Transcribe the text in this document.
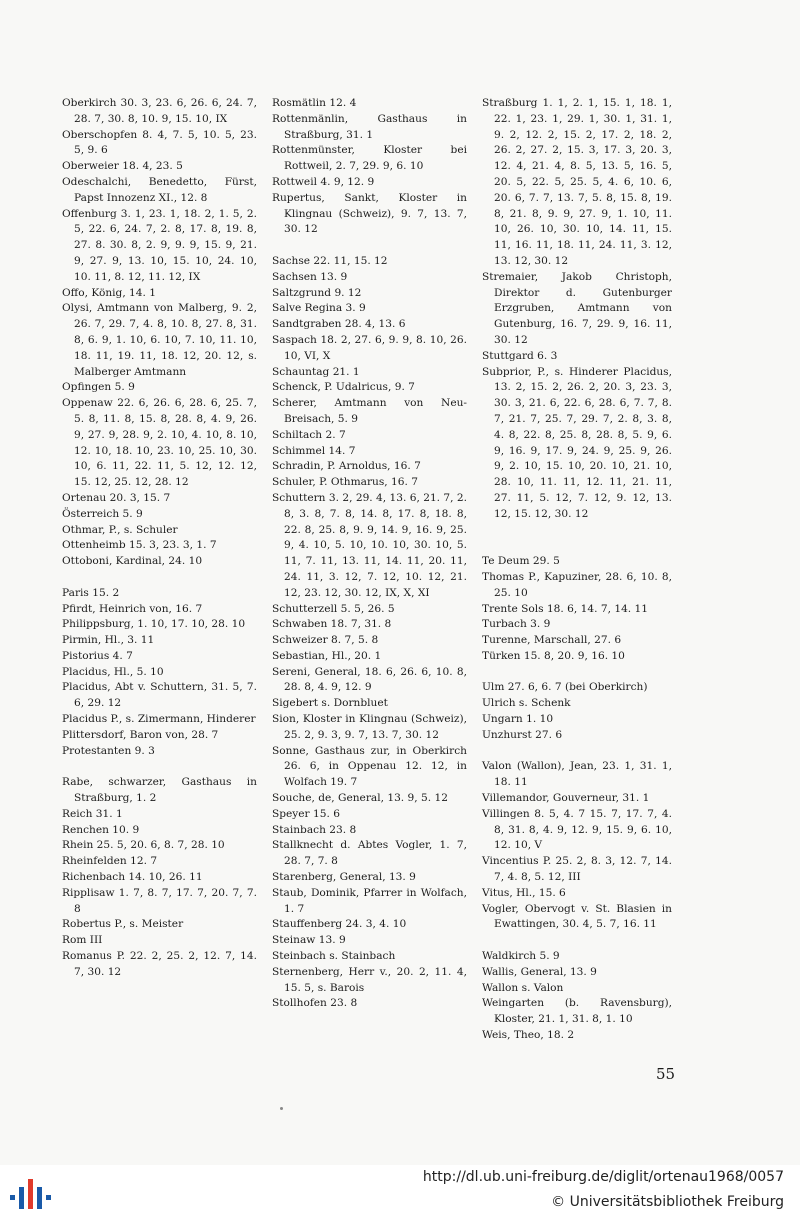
Oberkirch 30. 3, 23. 6, 26. 6, 24. 7, 28. 7, 30. 8, 10. 9, 15. 10, IX
Oberschopfen 8. 4, 7. 5, 10. 5, 23. 5, 9. 6
Oberweier 18. 4, 23. 5
Odeschalchi, Benedetto, Fürst, Papst Innozenz XI., 12. 8
Offenburg 3. 1, 23. 1, 18. 2, 1. 5, 2. 5, 22. 6, 24. 7, 2. 8, 17. 8, 19. 8, 27. 8. 30. 8, 2. 9, 9. 9, 15. 9, 21. 9, 27. 9, 13. 10, 15. 10, 24. 10, 10. 11, 8. 12, 11. 12, IX
Offo, König, 14. 1
Olysi, Amtmann von Malberg, 9. 2, 26. 7, 29. 7, 4. 8, 10. 8, 27. 8, 31. 8, 6. 9, 1. 10, 6. 10, 7. 10, 11. 10, 18. 11, 19. 11, 18. 12, 20. 12, s. Malberger Amtmann
Opfingen 5. 9
Oppenaw 22. 6, 26. 6, 28. 6, 25. 7, 5. 8, 11. 8, 15. 8, 28. 8, 4. 9, 26. 9, 27. 9, 28. 9, 2. 10, 4. 10, 8. 10, 12. 10, 18. 10, 23. 10, 25. 10, 30. 10, 6. 11, 22. 11, 5. 12, 12. 12, 15. 12, 25. 12, 28. 12
Ortenau 20. 3, 15. 7
Österreich 5. 9
Othmar, P., s. Schuler
Ottenheimb 15. 3, 23. 3, 1. 7
Ottoboni, Kardinal, 24. 10
Paris 15. 2
Pfirdt, Heinrich von, 16. 7
Philippsburg, 1. 10, 17. 10, 28. 10
Pirmin, Hl., 3. 11
Pistorius 4. 7
Placidus, Hl., 5. 10
Placidus, Abt v. Schuttern, 31. 5, 7. 6, 29. 12
Placidus P., s. Zimermann, Hinderer
Plittersdorf, Baron von, 28. 7
Protestanten 9. 3
Rabe, schwarzer, Gasthaus in Straßburg, 1. 2
Reich 31. 1
Renchen 10. 9
Rhein 25. 5, 20. 6, 8. 7, 28. 10
Rheinfelden 12. 7
Richenbach 14. 10, 26. 11
Ripplisaw 1. 7, 8. 7, 17. 7, 20. 7, 7. 8
Robertus P., s. Meister
Rom III
Romanus P. 22. 2, 25. 2, 12. 7, 14. 7, 30. 12
Rosmätlin 12. 4
Rottenmänlin, Gasthaus in Straßburg, 31. 1
Rottenmünster, Kloster bei Rottweil, 2. 7, 29. 9, 6. 10
Rottweil 4. 9, 12. 9
Rupertus, Sankt, Kloster in Klingnau (Schweiz), 9. 7, 13. 7, 30. 12
Sachse 22. 11, 15. 12
Sachsen 13. 9
Saltzgrund 9. 12
Salve Regina 3. 9
Sandtgraben 28. 4, 13. 6
Saspach 18. 2, 27. 6, 9. 9, 8. 10, 26. 10, VI, X
Schauntag 21. 1
Schenck, P. Udalricus, 9. 7
Scherer, Amtmann von Neu-Breisach, 5. 9
Schiltach 2. 7
Schimmel 14. 7
Schradin, P. Arnoldus, 16. 7
Schuler, P. Othmarus, 16. 7
Schuttern 3. 2, 29. 4, 13. 6, 21. 7, 2. 8, 3. 8, 7. 8, 14. 8, 17. 8, 18. 8, 22. 8, 25. 8, 9. 9, 14. 9, 16. 9, 25. 9, 4. 10, 5. 10, 10. 10, 30. 10, 5. 11, 7. 11, 13. 11, 14. 11, 20. 11, 24. 11, 3. 12, 7. 12, 10. 12, 21. 12, 23. 12, 30. 12, IX, X, XI
Schutterzell 5. 5, 26. 5
Schwaben 18. 7, 31. 8
Schweizer 8. 7, 5. 8
Sebastian, Hl., 20. 1
Sereni, General, 18. 6, 26. 6, 10. 8, 28. 8, 4. 9, 12. 9
Sigebert s. Dornbluet
Sion, Kloster in Klingnau (Schweiz), 25. 2, 9. 3, 9. 7, 13. 7, 30. 12
Sonne, Gasthaus zur, in Oberkirch 26. 6, in Oppenau 12. 12, in Wolfach 19. 7
Souche, de, General, 13. 9, 5. 12
Speyer 15. 6
Stainbach 23. 8
Stallknecht d. Abtes Vogler, 1. 7, 28. 7, 7. 8
Starenberg, General, 13. 9
Staub, Dominik, Pfarrer in Wolfach, 1. 7
Stauffenberg 24. 3, 4. 10
Steinaw 13. 9
Steinbach s. Stainbach
Sternenberg, Herr v., 20. 2, 11. 4, 15. 5, s. Barois
Stollhofen 23. 8
Straßburg 1. 1, 2. 1, 15. 1, 18. 1, 22. 1, 23. 1, 29. 1, 30. 1, 31. 1, 9. 2, 12. 2, 15. 2, 17. 2, 18. 2, 26. 2, 27. 2, 15. 3, 17. 3, 20. 3, 12. 4, 21. 4, 8. 5, 13. 5, 16. 5, 20. 5, 22. 5, 25. 5, 4. 6, 10. 6, 20. 6, 7. 7, 13. 7, 5. 8, 15. 8, 19. 8, 21. 8, 9. 9, 27. 9, 1. 10, 11. 10, 26. 10, 30. 10, 14. 11, 15. 11, 16. 11, 18. 11, 24. 11, 3. 12, 13. 12, 30. 12
Stremaier, Jakob Christoph, Direktor d. Gutenburger Erzgruben, Amtmann von Gutenburg, 16. 7, 29. 9, 16. 11, 30. 12
Stuttgard 6. 3
Subprior, P., s. Hinderer Placidus, 13. 2, 15. 2, 26. 2, 20. 3, 23. 3, 30. 3, 21. 6, 22. 6, 28. 6, 7. 7, 8. 7, 21. 7, 25. 7, 29. 7, 2. 8, 3. 8, 4. 8, 22. 8, 25. 8, 28. 8, 5. 9, 6. 9, 16. 9, 17. 9, 24. 9, 25. 9, 26. 9, 2. 10, 15. 10, 20. 10, 21. 10, 28. 10, 11. 11, 12. 11, 21. 11, 27. 11, 5. 12, 7. 12, 9. 12, 13. 12, 15. 12, 30. 12
Te Deum 29. 5
Thomas P., Kapuziner, 28. 6, 10. 8, 25. 10
Trente Sols 18. 6, 14. 7, 14. 11
Turbach 3. 9
Turenne, Marschall, 27. 6
Türken 15. 8, 20. 9, 16. 10
Ulm 27. 6, 6. 7 (bei Oberkirch)
Ulrich s. Schenk
Ungarn 1. 10
Unzhurst 27. 6
Valon (Wallon), Jean, 23. 1, 31. 1, 18. 11
Villemandor, Gouverneur, 31. 1
Villingen 8. 5, 4. 7 15. 7, 17. 7, 4. 8, 31. 8, 4. 9, 12. 9, 15. 9, 6. 10, 12. 10, V
Vincentius P. 25. 2, 8. 3, 12. 7, 14. 7, 4. 8, 5. 12, III
Vitus, Hl., 15. 6
Vogler, Obervogt v. St. Blasien in Ewattingen, 30. 4, 5. 7, 16. 11
Waldkirch 5. 9
Wallis, General, 13. 9
Wallon s. Valon
Weingarten (b. Ravensburg), Kloster, 21. 1, 31. 8, 1. 10
Weis, Theo, 18. 2
55
http://dl.ub.uni-freiburg.de/diglit/ortenau1968/0057
© Universitätsbibliothek Freiburg
